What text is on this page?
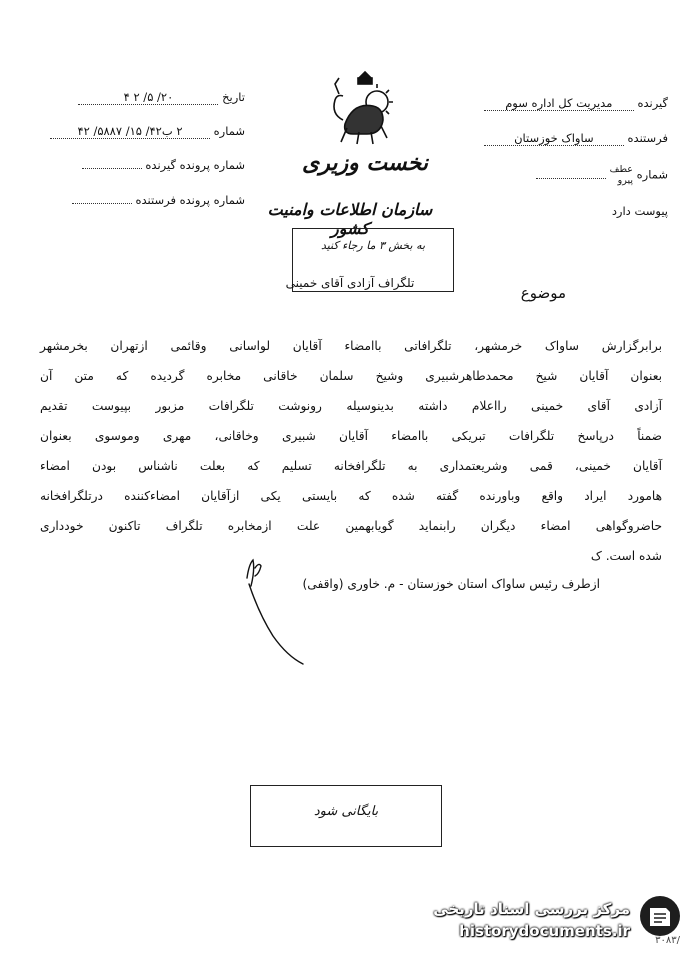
تاریخ ۲۰/ ۵/ ۲ ۴
شماره ۲ ب۴۲/ ۱۵/ ۵۸۸۷/ ۴۲
شماره پرونده گیرنده
شماره پرونده فرستنده
نخست وزیری
سازمان اطلاعات وامنیت کشور
گیرنده مدیریت کل اداره سوم
فرستنده ساواک خوزستان
شماره
عطف
پیرو

پیوست دارد
به بخش ۳ ما رجاء کنید
تلگراف آزادی آقای خمینی
موضوع
برابرگزارش ساواک خرمشهر، تلگرافاتی باامضاء آقایان لواسانی وقائمی ازتهران بخرمشهر
بعنوان آقایان شیخ محمدطاهرشبیری وشیخ سلمان خاقانی مخابره گردیده که متن آن
آزادی آقای خمینی رااعلام داشته بدینوسیله رونوشت تلگرافات مزبور بپیوست تقدیم
ضمناً درپاسخ تلگرافات تبریکی باامضاء آقایان شبیری وخاقانی، مهری وموسوی بعنوان
آقایان خمینی، قمی وشریعتمداری به تلگرافخانه تسلیم که بعلت ناشناس بودن امضاء
هامورد ایراد واقع وباورنده گفته شده که بایستی یکی ازآقایان امضاءکننده درتلگرافخانه
حاضروگواهی امضاء دیگران رابنماید گویابهمین علت ازمخابره تلگراف تاکنون خودداری
شده است. ک
ازطرف رئیس ساواک استان خوزستان - م. خاوری (واقفی)
بایگانی شود
مرکز بررسی اسناد تاریخی
historydocuments.ir
۳۰۸۳/
